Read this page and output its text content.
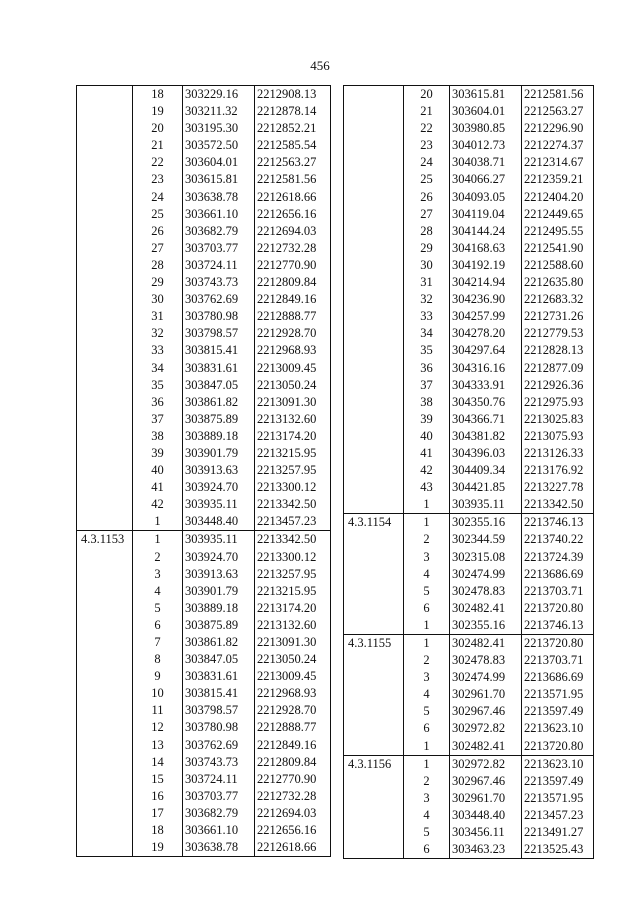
456
	18	303229.16	2212908.13
	19	303211.32	2212878.14
	20	303195.30	2212852.21
	21	303572.50	2212585.54
	22	303604.01	2212563.27
	23	303615.81	2212581.56
	24	303638.78	2212618.66
	25	303661.10	2212656.16
	26	303682.79	2212694.03
	27	303703.77	2212732.28
	28	303724.11	2212770.90
	29	303743.73	2212809.84
	30	303762.69	2212849.16
	31	303780.98	2212888.77
	32	303798.57	2212928.70
	33	303815.41	2212968.93
	34	303831.61	2213009.45
	35	303847.05	2213050.24
	36	303861.82	2213091.30
	37	303875.89	2213132.60
	38	303889.18	2213174.20
	39	303901.79	2213215.95
	40	303913.63	2213257.95
	41	303924.70	2213300.12
	42	303935.11	2213342.50
	1	303448.40	2213457.23
4.3.1153	1	303935.11	2213342.50
	2	303924.70	2213300.12
	3	303913.63	2213257.95
	4	303901.79	2213215.95
	5	303889.18	2213174.20
	6	303875.89	2213132.60
	7	303861.82	2213091.30
	8	303847.05	2213050.24
	9	303831.61	2213009.45
	10	303815.41	2212968.93
	11	303798.57	2212928.70
	12	303780.98	2212888.77
	13	303762.69	2212849.16
	14	303743.73	2212809.84
	15	303724.11	2212770.90
	16	303703.77	2212732.28
	17	303682.79	2212694.03
	18	303661.10	2212656.16
	19	303638.78	2212618.66
	20	303615.81	2212581.56
	21	303604.01	2212563.27
	22	303980.85	2212296.90
	23	304012.73	2212274.37
	24	304038.71	2212314.67
	25	304066.27	2212359.21
	26	304093.05	2212404.20
	27	304119.04	2212449.65
	28	304144.24	2212495.55
	29	304168.63	2212541.90
	30	304192.19	2212588.60
	31	304214.94	2212635.80
	32	304236.90	2212683.32
	33	304257.99	2212731.26
	34	304278.20	2212779.53
	35	304297.64	2212828.13
	36	304316.16	2212877.09
	37	304333.91	2212926.36
	38	304350.76	2212975.93
	39	304366.71	2213025.83
	40	304381.82	2213075.93
	41	304396.03	2213126.33
	42	304409.34	2213176.92
	43	304421.85	2213227.78
	1	303935.11	2213342.50
4.3.1154	1	302355.16	2213746.13
	2	302344.59	2213740.22
	3	302315.08	2213724.39
	4	302474.99	2213686.69
	5	302478.83	2213703.71
	6	302482.41	2213720.80
	1	302355.16	2213746.13
4.3.1155	1	302482.41	2213720.80
	2	302478.83	2213703.71
	3	302474.99	2213686.69
	4	302961.70	2213571.95
	5	302967.46	2213597.49
	6	302972.82	2213623.10
	1	302482.41	2213720.80
4.3.1156	1	302972.82	2213623.10
	2	302967.46	2213597.49
	3	302961.70	2213571.95
	4	303448.40	2213457.23
	5	303456.11	2213491.27
	6	303463.23	2213525.43
